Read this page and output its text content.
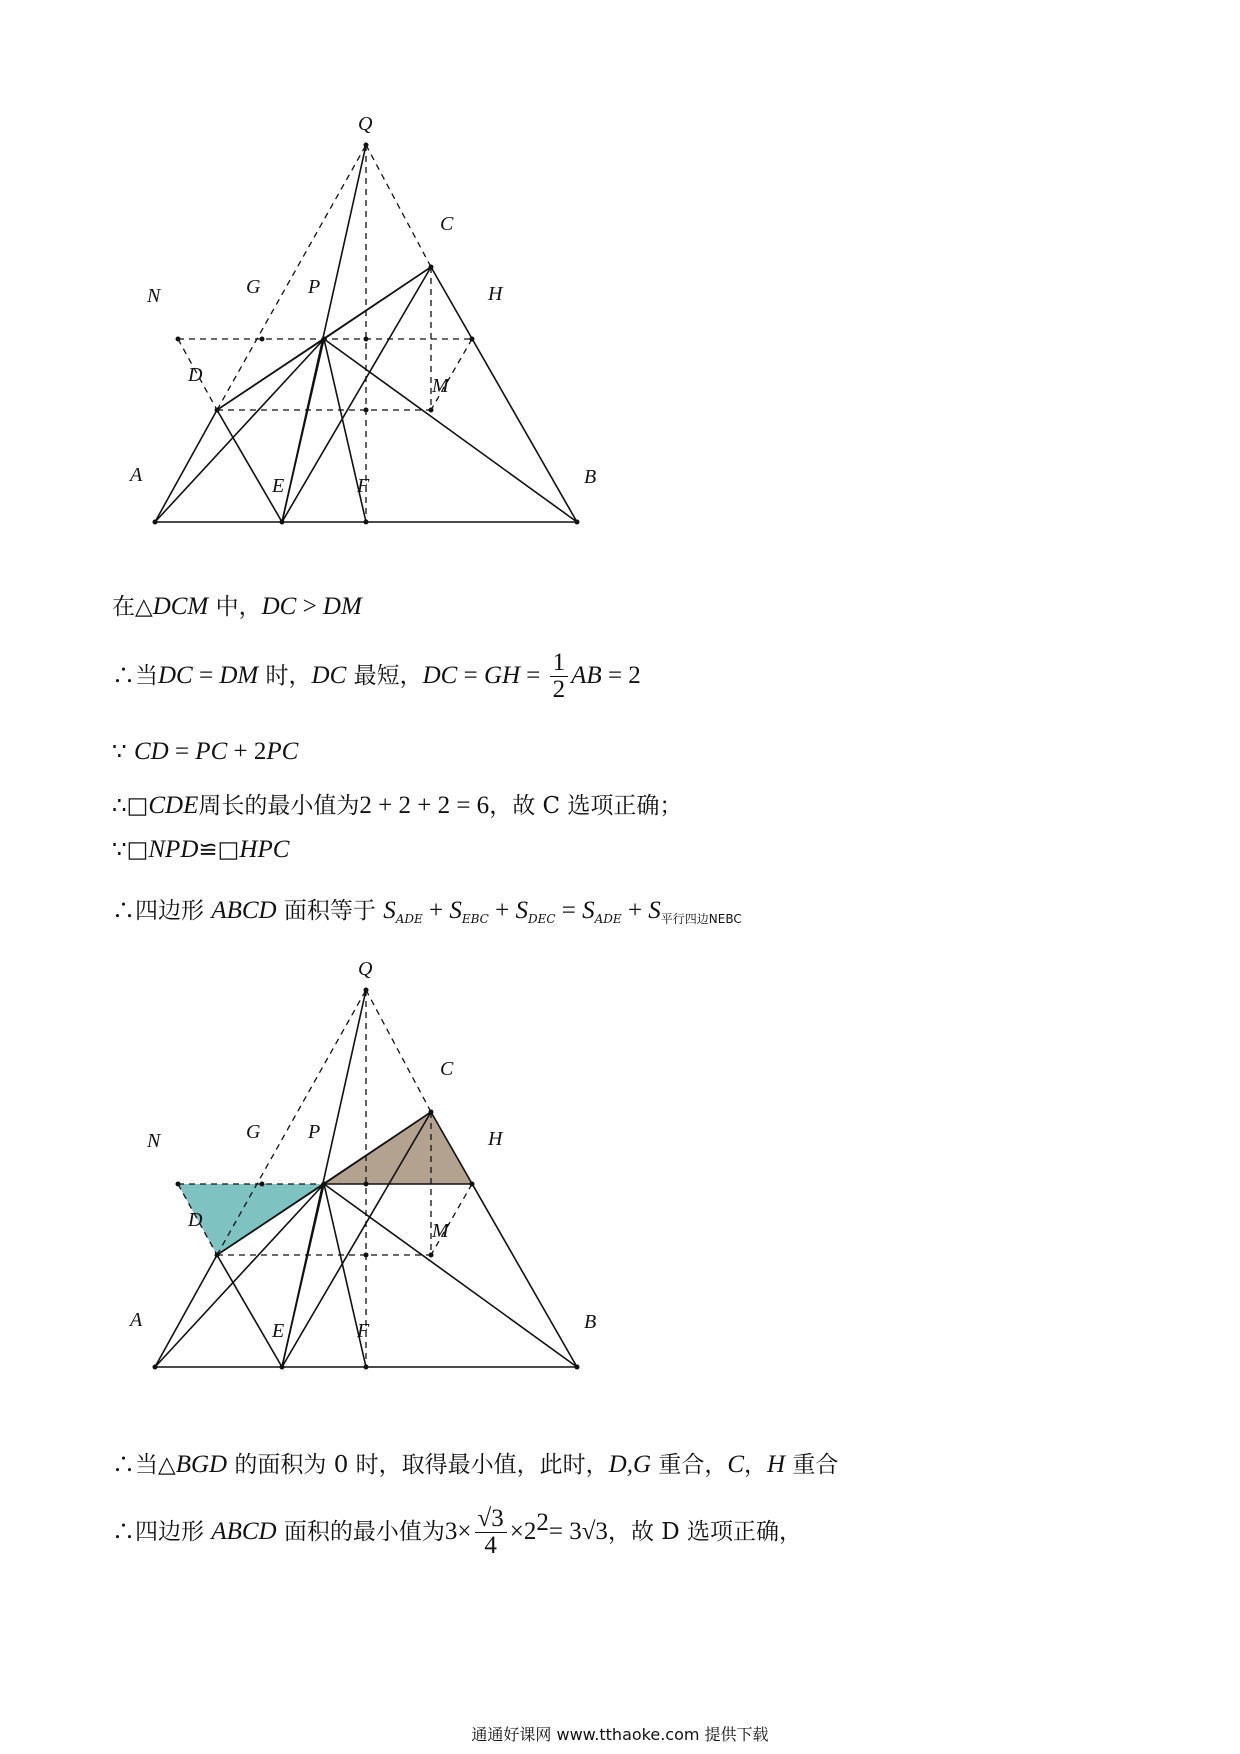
Q
C
N	G P	H
D	M
A	E	F	B
在△DCM 中，DC > DM
∴当DC = DM 时，DC 最短，DC = GH = $\frac{1}{2}$ AB = 2
∵ CD = PC + 2PC
∴□CDE周长的最小值为2 + 2 + 2 = 6，故 C 选项正确；
∵□NPD≌□HPC
∴四边形 ABCD 面积等于 $S_{ADE} + S_{EBC} + S_{DEC} = S_{ADE} + S_{平行四边NEBC}$
Q
C
N	G P	H
D	M
A	E	F	B
∴当△BGD 的面积为 0 时，取得最小值，此时，D,G 重合，C，H 重合
∴四边形 ABCD 面积的最小值为$3\times \frac{√3}{4} \times 2^2= 3√3$，故 D 选项正确，
通通好课网 www.tthaoke.com 提供下载
